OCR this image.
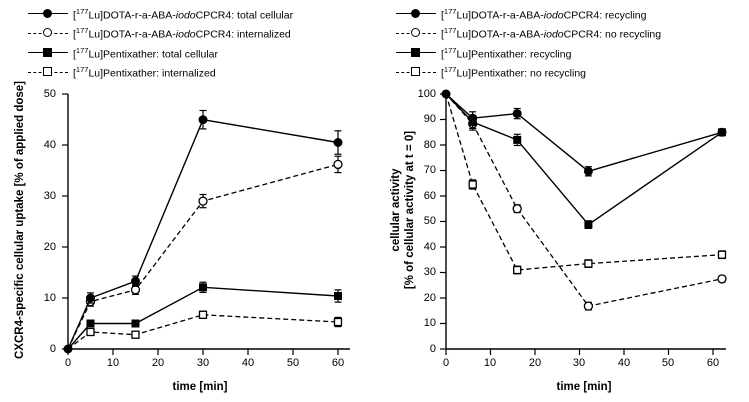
[$^{177}$Lu]DOTA-r-a-ABA-iodoCPCR4: total cellular
[$^{177}$Lu]DOTA-r-a-ABA-iodoCPCR4: internalized
[$^{177}$Lu]Pentixather: total cellular
[$^{177}$Lu]Pentixather: internalized
CXCR4-specific cellular uptake [% of applied dose]
time [min]
50
40
30
20
10
0
0	10	20	30	40	50	60
[$^{177}$Lu]DOTA-r-a-ABA-iodoCPCR4: recycling
[$^{177}$Lu]DOTA-r-a-ABA-iodoCPCR4: no recycling
[$^{177}$Lu]Pentixather: recycling
[$^{177}$Lu]Pentixather: no recycling
cellular activity [% of cellular activity at t = 0]
time [min]
100
90
80
70
60
50
40
30
20
10
0
0	10	20	30	40	50	60
